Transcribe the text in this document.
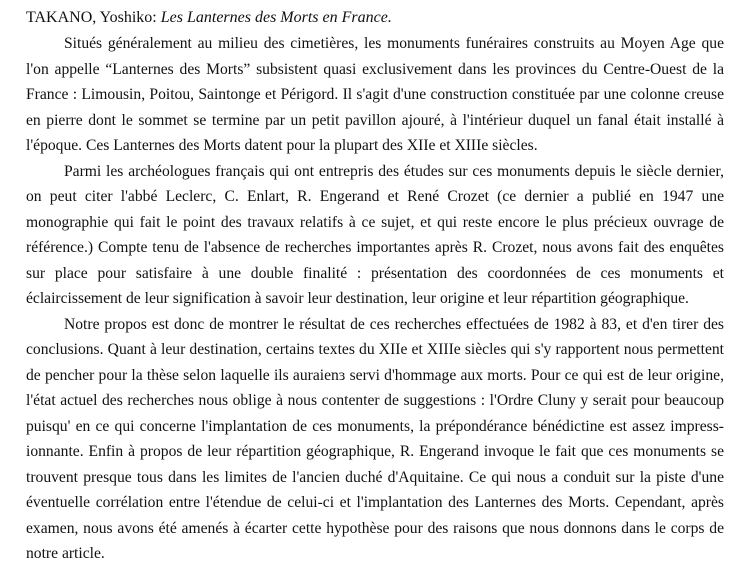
TAKANO, Yoshiko: Les Lanternes des Morts en France.

Situés généralement au milieu des cimetières, les monuments funéraires construits au Moyen Age que l'on appelle “Lanternes des Morts” subsistent quasi exclusivement dans les provinces du Centre-Ouest de la France : Limousin, Poitou, Saintonge et Périgord. Il s'agit d'une construction constituée par une colonne creuse en pierre dont le sommet se termine par un petit pavillon ajouré, à l'intérieur duquel un fanal était installé à l'époque. Ces Lanternes des Morts datent pour la plupart des XIIe et XIIIe siècles.

Parmi les archéologues français qui ont entrepris des études sur ces monuments depuis le siècle dernier, on peut citer l'abbé Leclerc, C. Enlart, R. Engerand et René Crozet (ce dernier a publié en 1947 une monographie qui fait le point des travaux relatifs à ce sujet, et qui reste encore le plus précieux ouvrage de référence.) Compte tenu de l'absence de recherches importantes après R. Crozet, nous avons fait des enquêtes sur place pour satisfaire à une double finalité : présentation des coordonnées de ces monuments et éclaircissement de leur signification à savoir leur destination, leur origine et leur répartition géographique.

Notre propos est donc de montrer le résultat de ces recherches effectuées de 1982 à 83, et d'en tirer des conclusions. Quant à leur destination, certains textes du XIIe et XIIIe siècles qui s'y rapportent nous permettent de pencher pour la thèse selon laquelle ils auraienɜ servi d'hommage aux morts. Pour ce qui est de leur origine, l'état actuel des recherches nous oblige à nous contenter de suggestions : l'Ordre Cluny y serait pour beaucoup puisqu' en ce qui concerne l'implantation de ces monuments, la prépondérance bénédictine est assez impress-ionnante. Enfin à propos de leur répartition géographique, R. Engerand invoque le fait que ces monuments se trouvent presque tous dans les limites de l'ancien duché d'Aquitaine. Ce qui nous a conduit sur la piste d'une éventuelle corrélation entre l'étendue de celui-ci et l'implantation des Lanternes des Morts. Cependant, après examen, nous avons été amenés à écarter cette hypothèse pour des raisons que nous donnons dans le corps de notre article.
